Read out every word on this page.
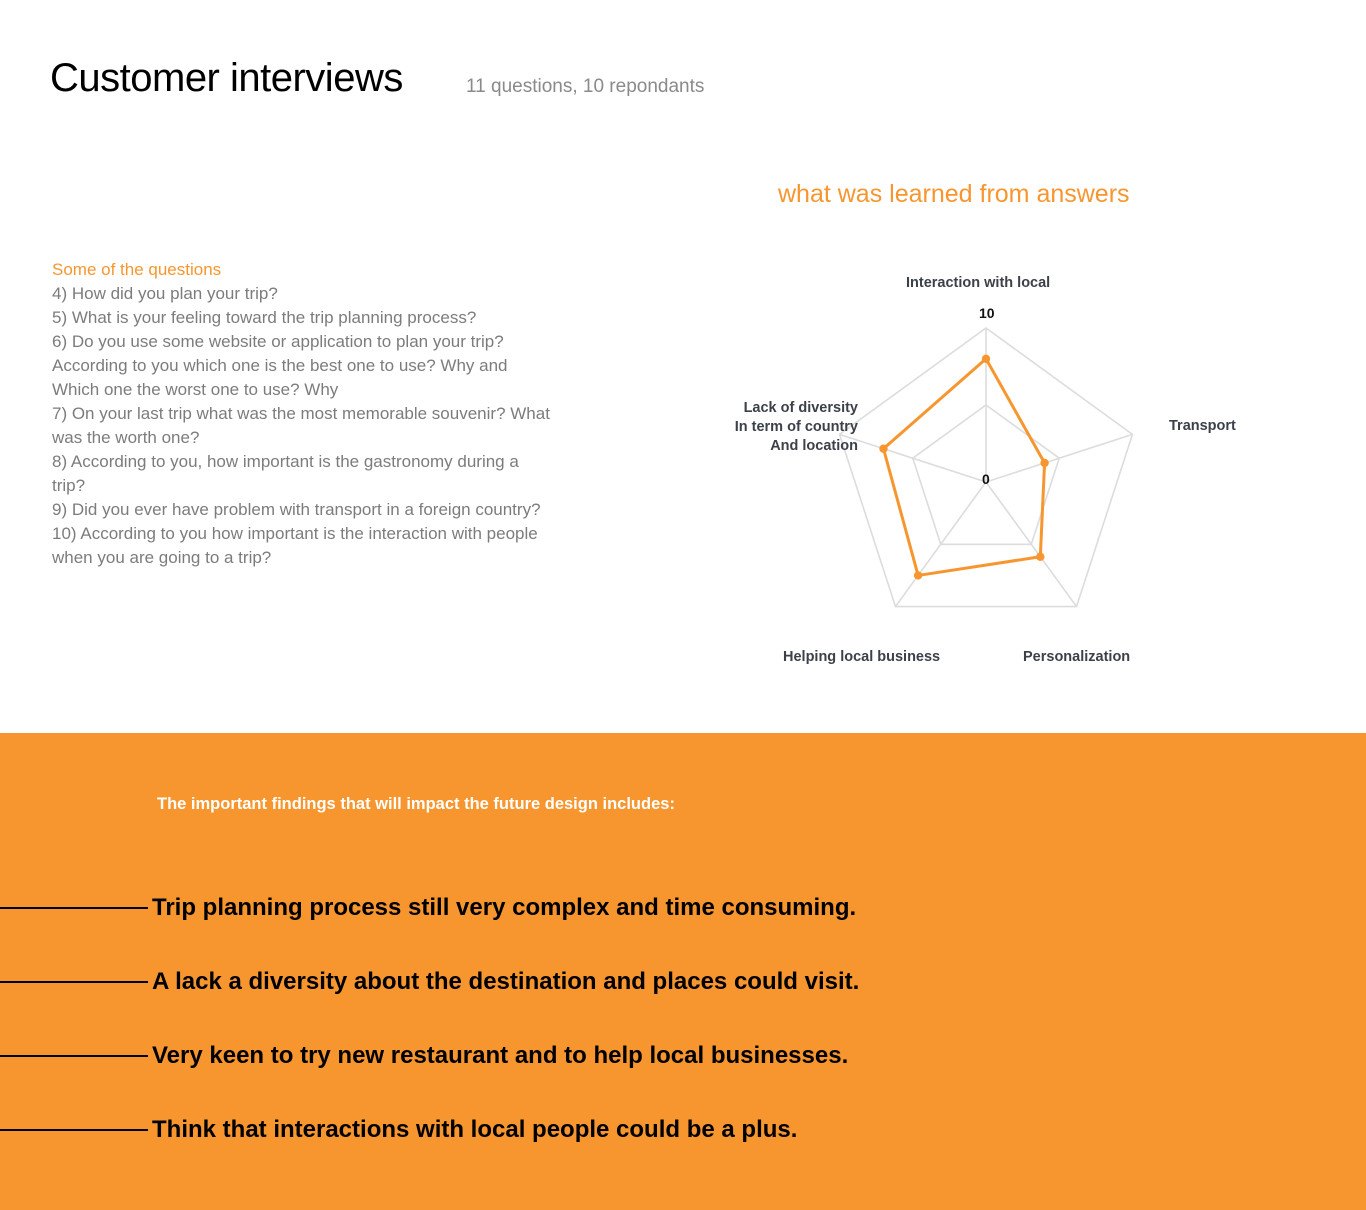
Customer interviews	11 questions, 10 repondants
Some of the questions

4) How did you plan your trip?

5) What is your feeling toward the trip planning process?

6) Do you use some website or application to plan your trip? According to you which one is the best one to use? Why and Which one the worst one to use? Why

7) On your last trip what was the most memorable souvenir? What was the worth one?

8) According to you, how important is the gastronomy during a trip?

9) Did you ever have problem with transport in a foreign country?

10) According to you how important is the interaction with people when you are going to a trip?

what was learned from answers
Interaction with local
Transport
Personalization
Helping local business
Lack of diversity
In term of country
And location
10
0
The important findings that will impact the future design includes:
Trip planning process still very complex and time consuming.
A lack a diversity about the destination and places could visit.
Very keen to try new restaurant and to help local businesses.
Think that interactions with local people could be a plus.
